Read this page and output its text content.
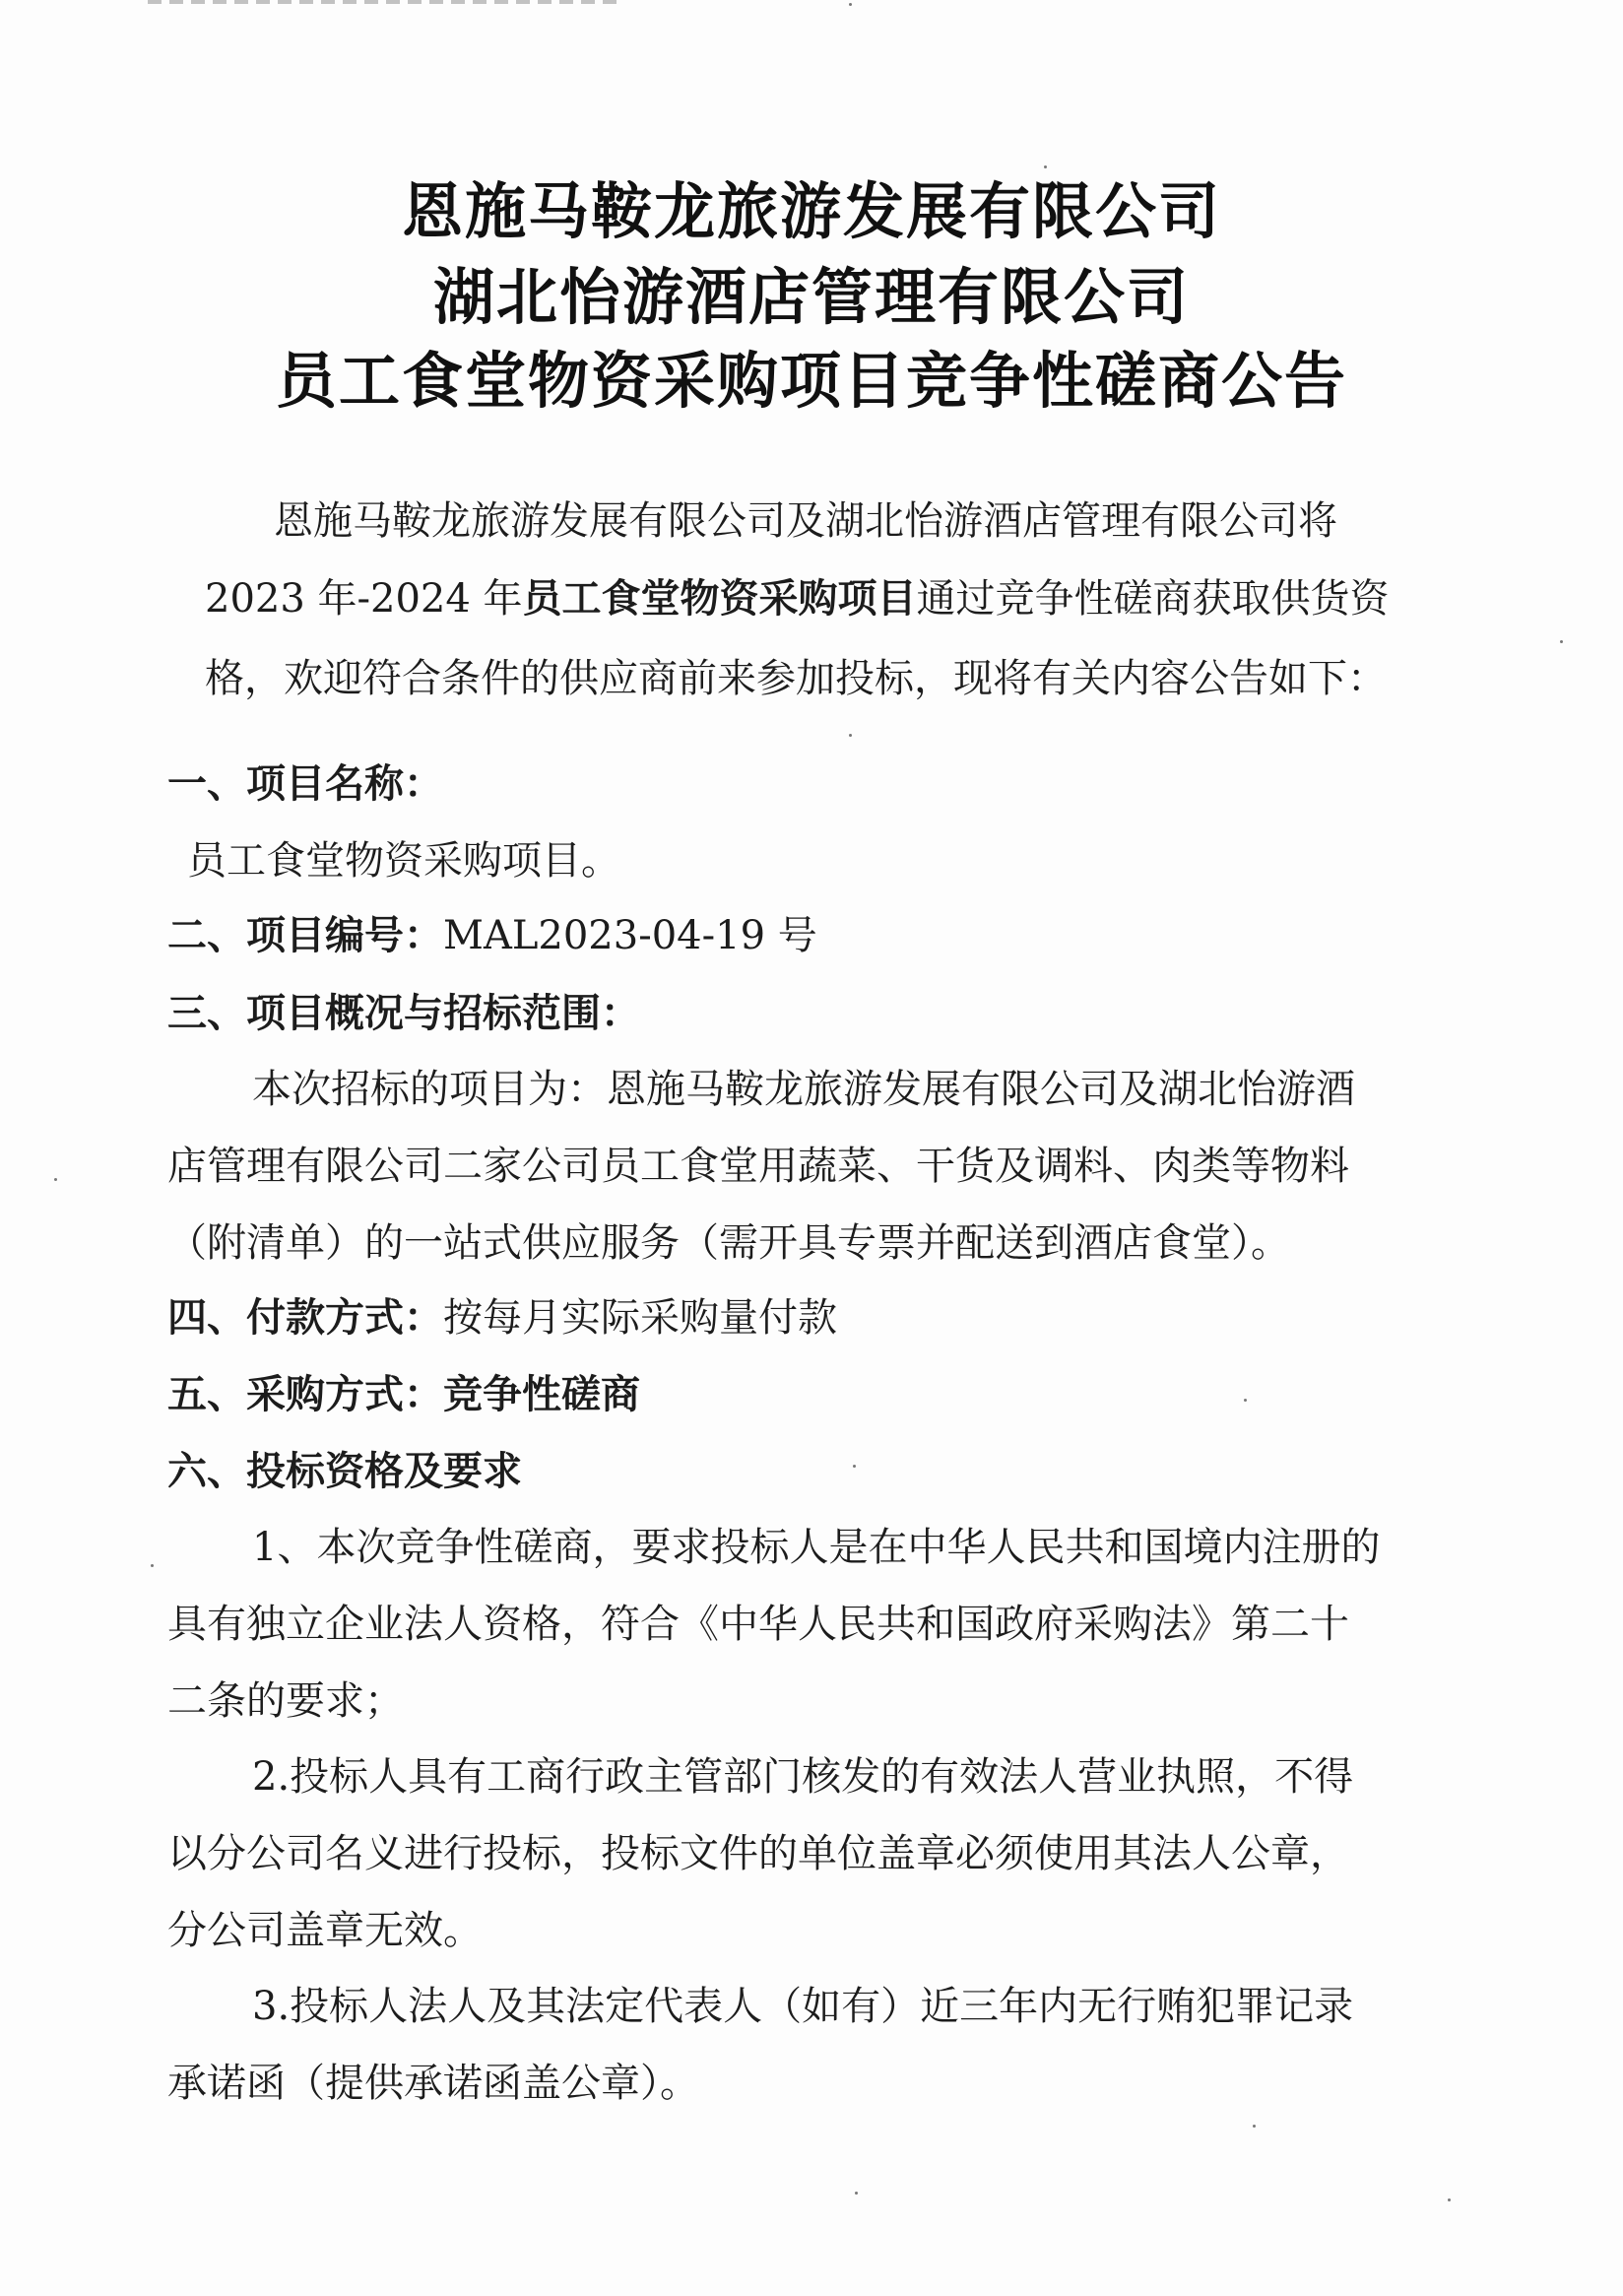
恩施马鞍龙旅游发展有限公司
湖北怡游酒店管理有限公司
员工食堂物资采购项目竞争性磋商公告
恩施马鞍龙旅游发展有限公司及湖北怡游酒店管理有限公司将
2023 年-2024 年员工食堂物资采购项目通过竞争性磋商获取供货资
格，欢迎符合条件的供应商前来参加投标，现将有关内容公告如下：
一、项目名称：
员工食堂物资采购项目。
二、项目编号：MAL2023-04-19 号
三、项目概况与招标范围：
本次招标的项目为：恩施马鞍龙旅游发展有限公司及湖北怡游酒
店管理有限公司二家公司员工食堂用蔬菜、干货及调料、肉类等物料
（附清单）的一站式供应服务（需开具专票并配送到酒店食堂）。
四、付款方式：按每月实际采购量付款
五、采购方式：竞争性磋商
六、投标资格及要求
1、本次竞争性磋商，要求投标人是在中华人民共和国境内注册的
具有独立企业法人资格，符合《中华人民共和国政府采购法》第二十
二条的要求；
2.投标人具有工商行政主管部门核发的有效法人营业执照，不得
以分公司名义进行投标，投标文件的单位盖章必须使用其法人公章，
分公司盖章无效。
3.投标人法人及其法定代表人（如有）近三年内无行贿犯罪记录
承诺函（提供承诺函盖公章）。
